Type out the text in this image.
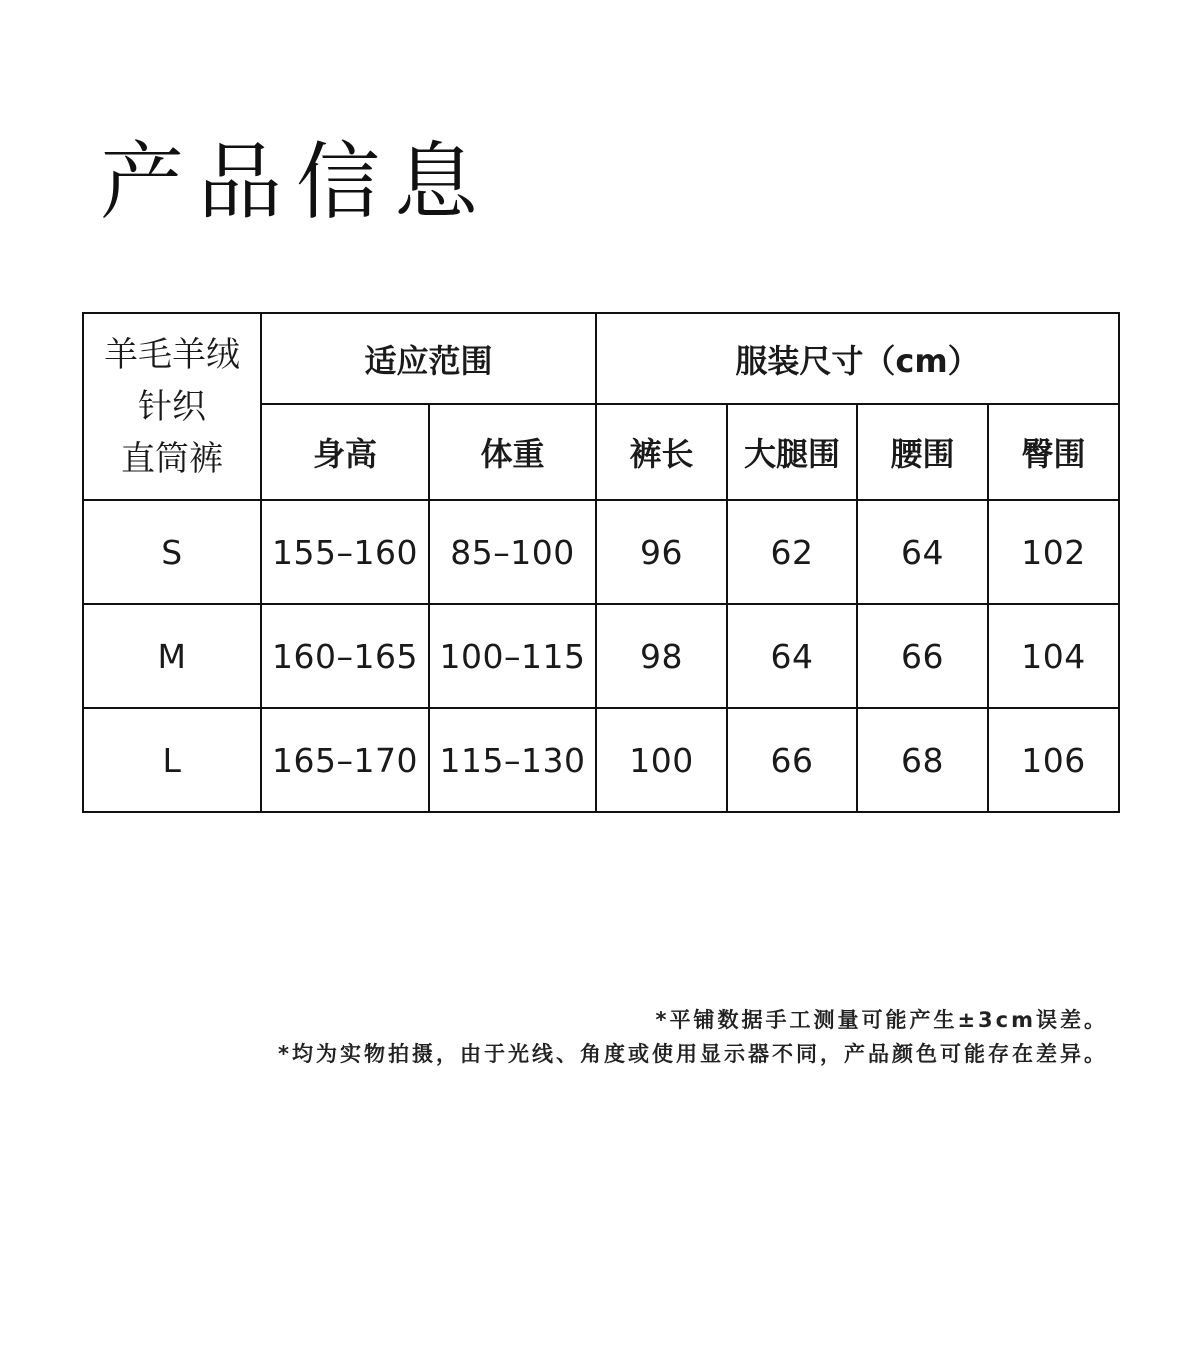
产品信息
羊毛羊绒
针织
直筒裤	适应范围		服装尺寸（cm）			
	身高	体重	裤长	大腿围	腰围	臀围
S	155–160	85–100	96	62	64	102
M	160–165	100–115	98	64	66	104
L	165–170	115–130	100	66	68	106
*平铺数据手工测量可能产生±3cm误差。
*均为实物拍摄，由于光线、角度或使用显示器不同，产品颜色可能存在差异。
